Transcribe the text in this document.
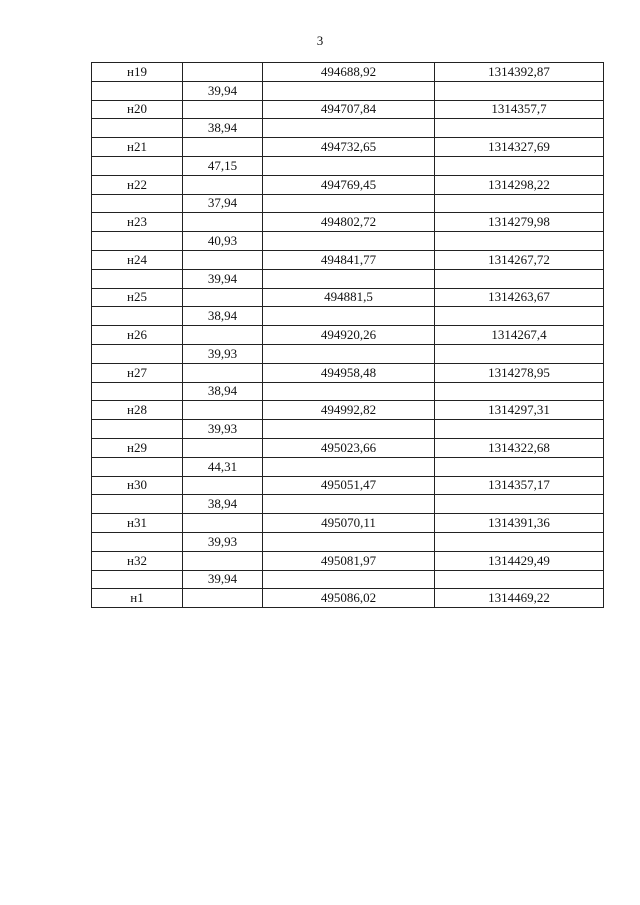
3
н19		494688,92	1314392,87
	39,94		
н20		494707,84	1314357,7
	38,94		
н21		494732,65	1314327,69
	47,15		
н22		494769,45	1314298,22
	37,94		
н23		494802,72	1314279,98
	40,93		
н24		494841,77	1314267,72
	39,94		
н25		494881,5	1314263,67
	38,94		
н26		494920,26	1314267,4
	39,93		
н27		494958,48	1314278,95
	38,94		
н28		494992,82	1314297,31
	39,93		
н29		495023,66	1314322,68
	44,31		
н30		495051,47	1314357,17
	38,94		
н31		495070,11	1314391,36
	39,93		
н32		495081,97	1314429,49
	39,94		
н1		495086,02	1314469,22
